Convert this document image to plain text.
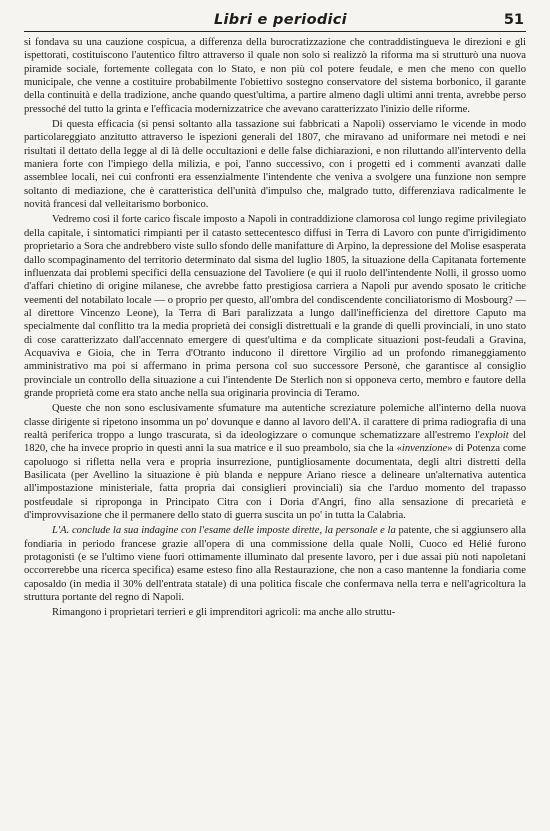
Libri e periodici	51

si fondava su una cauzione cospicua, a differenza della burocratizzazione che contraddistingueva le direzioni e gli ispettorati, costituiscono l'autentico filtro attraverso il quale non solo si realizzò la riforma ma si strutturò una nuova piramide sociale, fortemente collegata con lo Stato, e non più col potere feudale, e men che meno con quello municipale, che venne a costituire probabilmente l'obiettivo sostegno conservatore del sistema borbonico, il garante della continuità e della tradizione, anche quando quest'ultima, a partire almeno dagli ultimi anni trenta, avrebbe perso pressoché del tutto la grinta e l'efficacia modernizzatrice che avevano caratterizzato l'inizio delle riforme.

Di questa efficacia (si pensi soltanto alla tassazione sui fabbricati a Napoli) osserviamo le vicende in modo particolareggiato anzitutto attraverso le ispezioni generali del 1807, che miravano ad uniformare nei metodi e nei risultati il dettato della legge al di là delle occultazioni e delle false dichiarazioni, e non riluttando all'intervento della maniera forte con l'impiego della milizia, e poi, l'anno successivo, con i progetti ed i commenti avanzati dalle assemblee locali, nei cui confronti era essenzialmente l'intendente che veniva a svolgere una funzione non sempre soltanto di mediazione, che è caratteristica dell'unità d'impulso che, malgrado tutto, differenziava radicalmente le novità francesi dal velleitarismo borbonico.

Vedremo così il forte carico fiscale imposto a Napoli in contraddizione clamorosa col lungo regime privilegiato della capitale, i sintomatici rimpianti per il catasto settecentesco diffusi in Terra di Lavoro con punte d'irrigidimento proprietario a Sora che andrebbero viste sullo sfondo delle manifatture di Arpino, la depressione del Molise esasperata dallo scompaginamento del territorio determinato dal sisma del luglio 1805, la situazione della Capitanata fortemente influenzata dai problemi specifici della censuazione del Tavoliere (e qui il ruolo dell'intendente Nolli, il grosso uomo d'affari chietino di origine milanese, che avrebbe fatto prestigiosa carriera a Napoli pur avendo sposato le critiche veementi del notabilato locale — o proprio per questo, all'ombra del condiscendente conciliatorismo di Mosbourg? — al direttore Vincenzo Leone), la Terra di Bari paralizzata a lungo dall'inefficienza del direttore Caputo ma specialmente dal conflitto tra la media proprietà dei consigli distrettuali e la grande di quelli provinciali, in uno stato di cose caratterizzato dall'accennato emergere di quest'ultima e da complicate situazioni post-feudali a Gravina, Acquaviva e Gioia, che in Terra d'Otranto inducono il direttore Virgilio ad un profondo rimaneggiamento amministrativo ma poi si affermano in prima persona col suo successore Personè, che garantisce al consiglio provinciale un controllo della situazione a cui l'intendente De Sterlich non si opponeva certo, membro e fautore della grande proprietà come era stato anche nella sua originaria provincia di Teramo.

Queste che non sono esclusivamente sfumature ma autentiche screziature polemiche all'interno della nuova classe dirigente si ripetono insomma un po' dovunque e danno al lavoro dell'A. il carattere di prima radiografia di una realtà periferica troppo a lungo trascurata, sì da ideologizzare o comunque schematizzare all'estremo l'exploit del 1820, che ha invece proprio in questi anni la sua matrice e il suo preambolo, sia che la «invenzione» di Potenza come capoluogo si rifletta nella vera e propria insurrezione, puntigliosamente documentata, degli altri distretti della Basilicata (per Avellino la situazione è più blanda e neppure Ariano riesce a delineare un'alternativa autentica all'impostazione ministeriale, fatta propria dai consiglieri provinciali) sia che l'arduo momento del trapasso postfeudale si riproponga in Principato Citra con i Doria d'Angri, fino alla sensazione di precarietà e d'improvvisazione che il permanere dello stato di guerra suscita un po' in tutta la Calabria.

L'A. conclude la sua indagine con l'esame delle imposte dirette, la personale e la patente, che si aggiunsero alla fondiaria in periodo francese grazie all'opera di una commissione della quale Nolli, Cuoco ed Hélié furono protagonisti (e se l'ultimo viene fuori ottimamente illuminato dal presente lavoro, per i due assai più noti napoletani occorrerebbe una ricerca specifica) esame esteso fino alla Restaurazione, che non a caso mantenne la fondiaria come caposaldo (in media il 30% dell'entrata statale) di una politica fiscale che confermava nella terra e nell'agricoltura la struttura portante del regno di Napoli.

Rimangono i proprietari terrieri e gli imprenditori agricoli: ma anche allo struttu-
